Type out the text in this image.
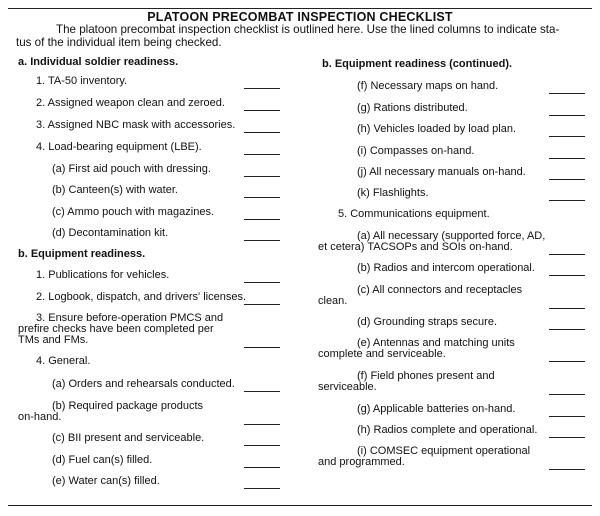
PLATOON PRECOMBAT INSPECTION CHECKLIST
The platoon precombat inspection checklist is outlined here. Use the lined columns to indicate sta-
tus of the individual item being checked.
a. Individual soldier readiness.
1. TA-50 inventory.
2. Assigned weapon clean and zeroed.
3. Assigned NBC mask with accessories.
4. Load-bearing equipment (LBE).
(a) First aid pouch with dressing.
(b) Canteen(s) with water.
(c) Ammo pouch with magazines.
(d) Decontamination kit.
b. Equipment readiness.
1. Publications for vehicles.
2. Logbook, dispatch, and drivers' licenses.
3. Ensure before-operation PMCS and
prefire checks have been completed per
TMs and FMs.
4. General.
(a) Orders and rehearsals conducted.
(b) Required package products
on-hand.
(c) BII present and serviceable.
(d) Fuel can(s) filled.
(e) Water can(s) filled.
b. Equipment readiness (continued).
(f) Necessary maps on hand.
(g) Rations distributed.
(h) Vehicles loaded by load plan.
(i) Compasses on-hand.
(j) All necessary manuals on-hand.
(k) Flashlights.
5. Communications equipment.
(a) All necessary (supported force, AD,
et cetera) TACSOPs and SOIs on-hand.
(b) Radios and intercom operational.
(c) All connectors and receptacles
clean.
(d) Grounding straps secure.
(e) Antennas and matching units
complete and serviceable.
(f) Field phones present and
serviceable.
(g) Applicable batteries on-hand.
(h) Radios complete and operational.
(i) COMSEC equipment operational
and programmed.
